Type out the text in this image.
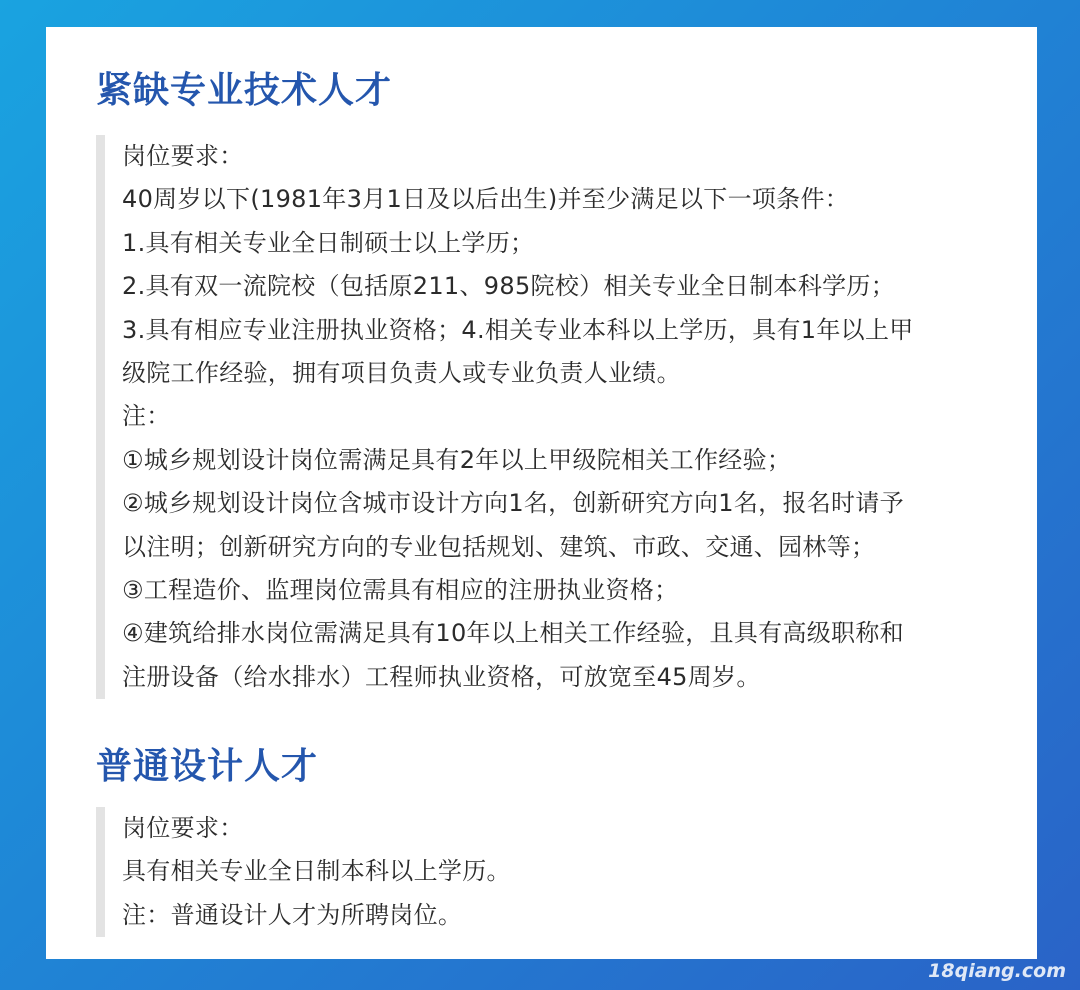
紧缺专业技术人才
岗位要求：
40周岁以下(1981年3月1日及以后出生)并至少满足以下一项条件：
1.具有相关专业全日制硕士以上学历；
2.具有双一流院校（包括原211、985院校）相关专业全日制本科学历；
3.具有相应专业注册执业资格；4.相关专业本科以上学历，具有1年以上甲
级院工作经验，拥有项目负责人或专业负责人业绩。
注：
①城乡规划设计岗位需满足具有2年以上甲级院相关工作经验；
②城乡规划设计岗位含城市设计方向1名，创新研究方向1名，报名时请予
以注明；创新研究方向的专业包括规划、建筑、市政、交通、园林等；
③工程造价、监理岗位需具有相应的注册执业资格；
④建筑给排水岗位需满足具有10年以上相关工作经验，且具有高级职称和
注册设备（给水排水）工程师执业资格，可放宽至45周岁。
普通设计人才
岗位要求：
具有相关专业全日制本科以上学历。
注：普通设计人才为所聘岗位。
18qiang.com
